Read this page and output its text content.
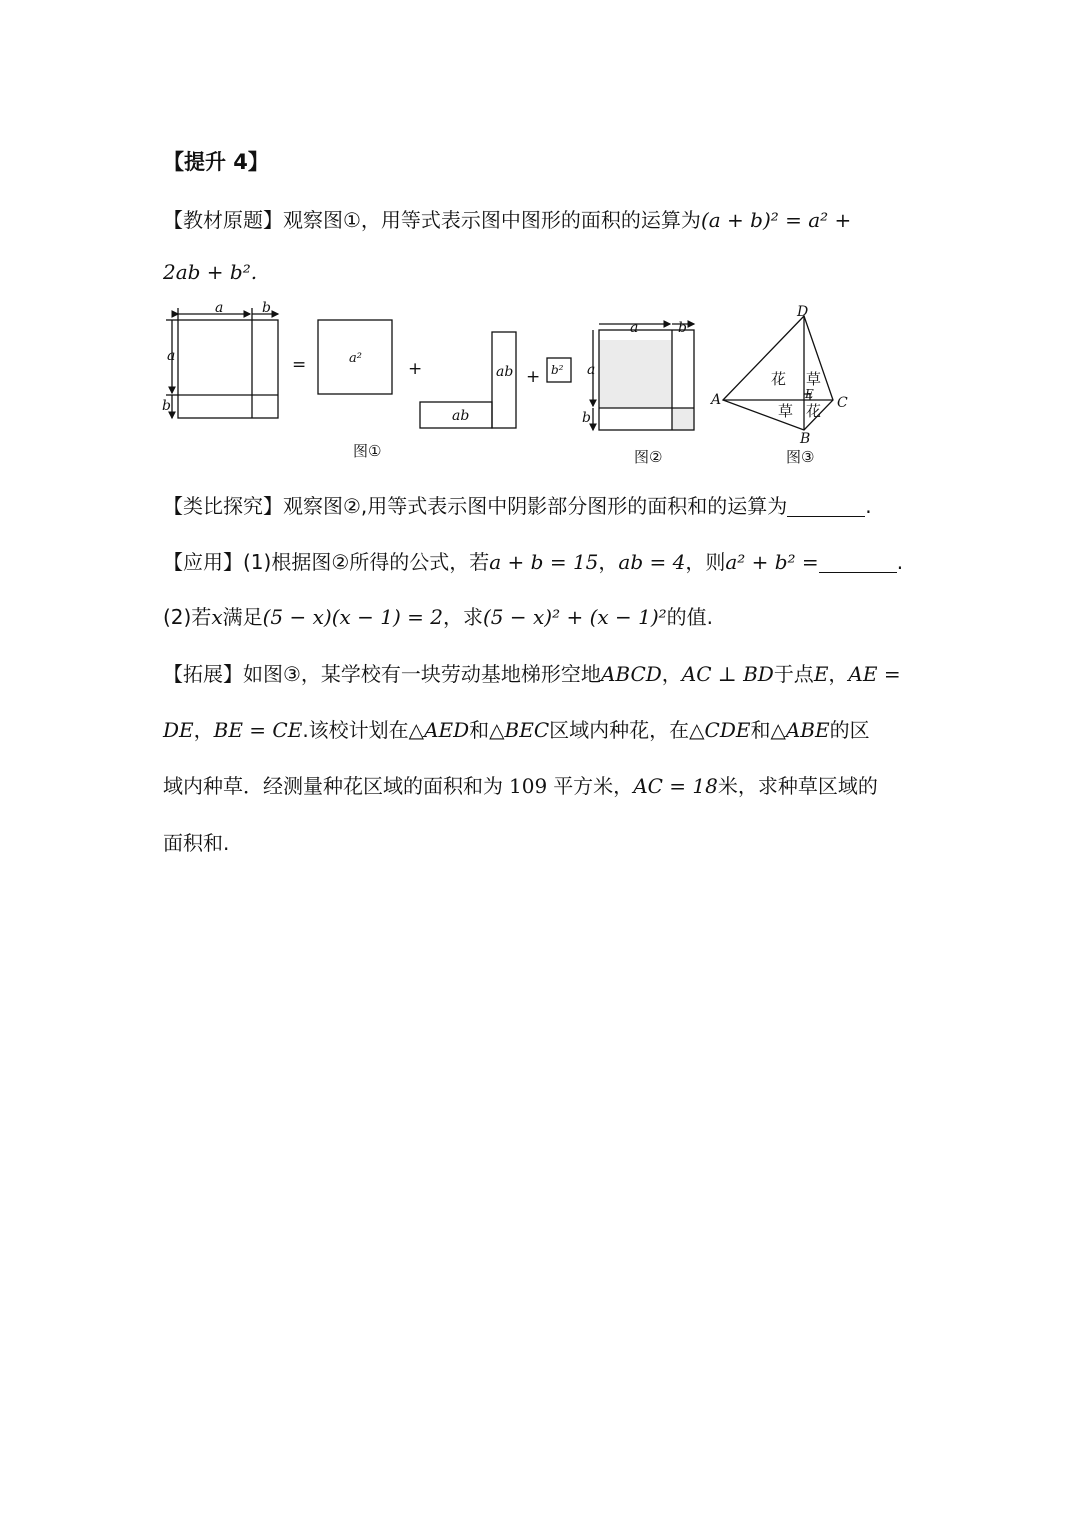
【提升 4】
【教材原题】观察图①，用等式表示图中图形的面积的运算为(a + b)² = a² +
2ab + b².
a	b
a
b
a²
ab
ab
b²
a	b
a
b
D
A	C
B
E
=	+	+	花 草
草 花
图①	图②	图③
【类比探究】观察图②,用等式表示图中阴影部分图形的面积和的运算为	.
【应用】(1)根据图②所得的公式，若a + b = 15，ab = 4，则a² + b² =	.
(2)若x满足(5 − x)(x − 1) = 2，求(5 − x)² + (x − 1)²的值.
【拓展】如图③，某学校有一块劳动基地梯形空地ABCD，AC ⊥ BD于点E，AE =
DE，BE = CE.该校计划在△AED和△BEC区域内种花，在△CDE和△ABE的区
域内种草．经测量种花区域的面积和为 109 平方米，AC = 18米，求种草区域的
面积和.
